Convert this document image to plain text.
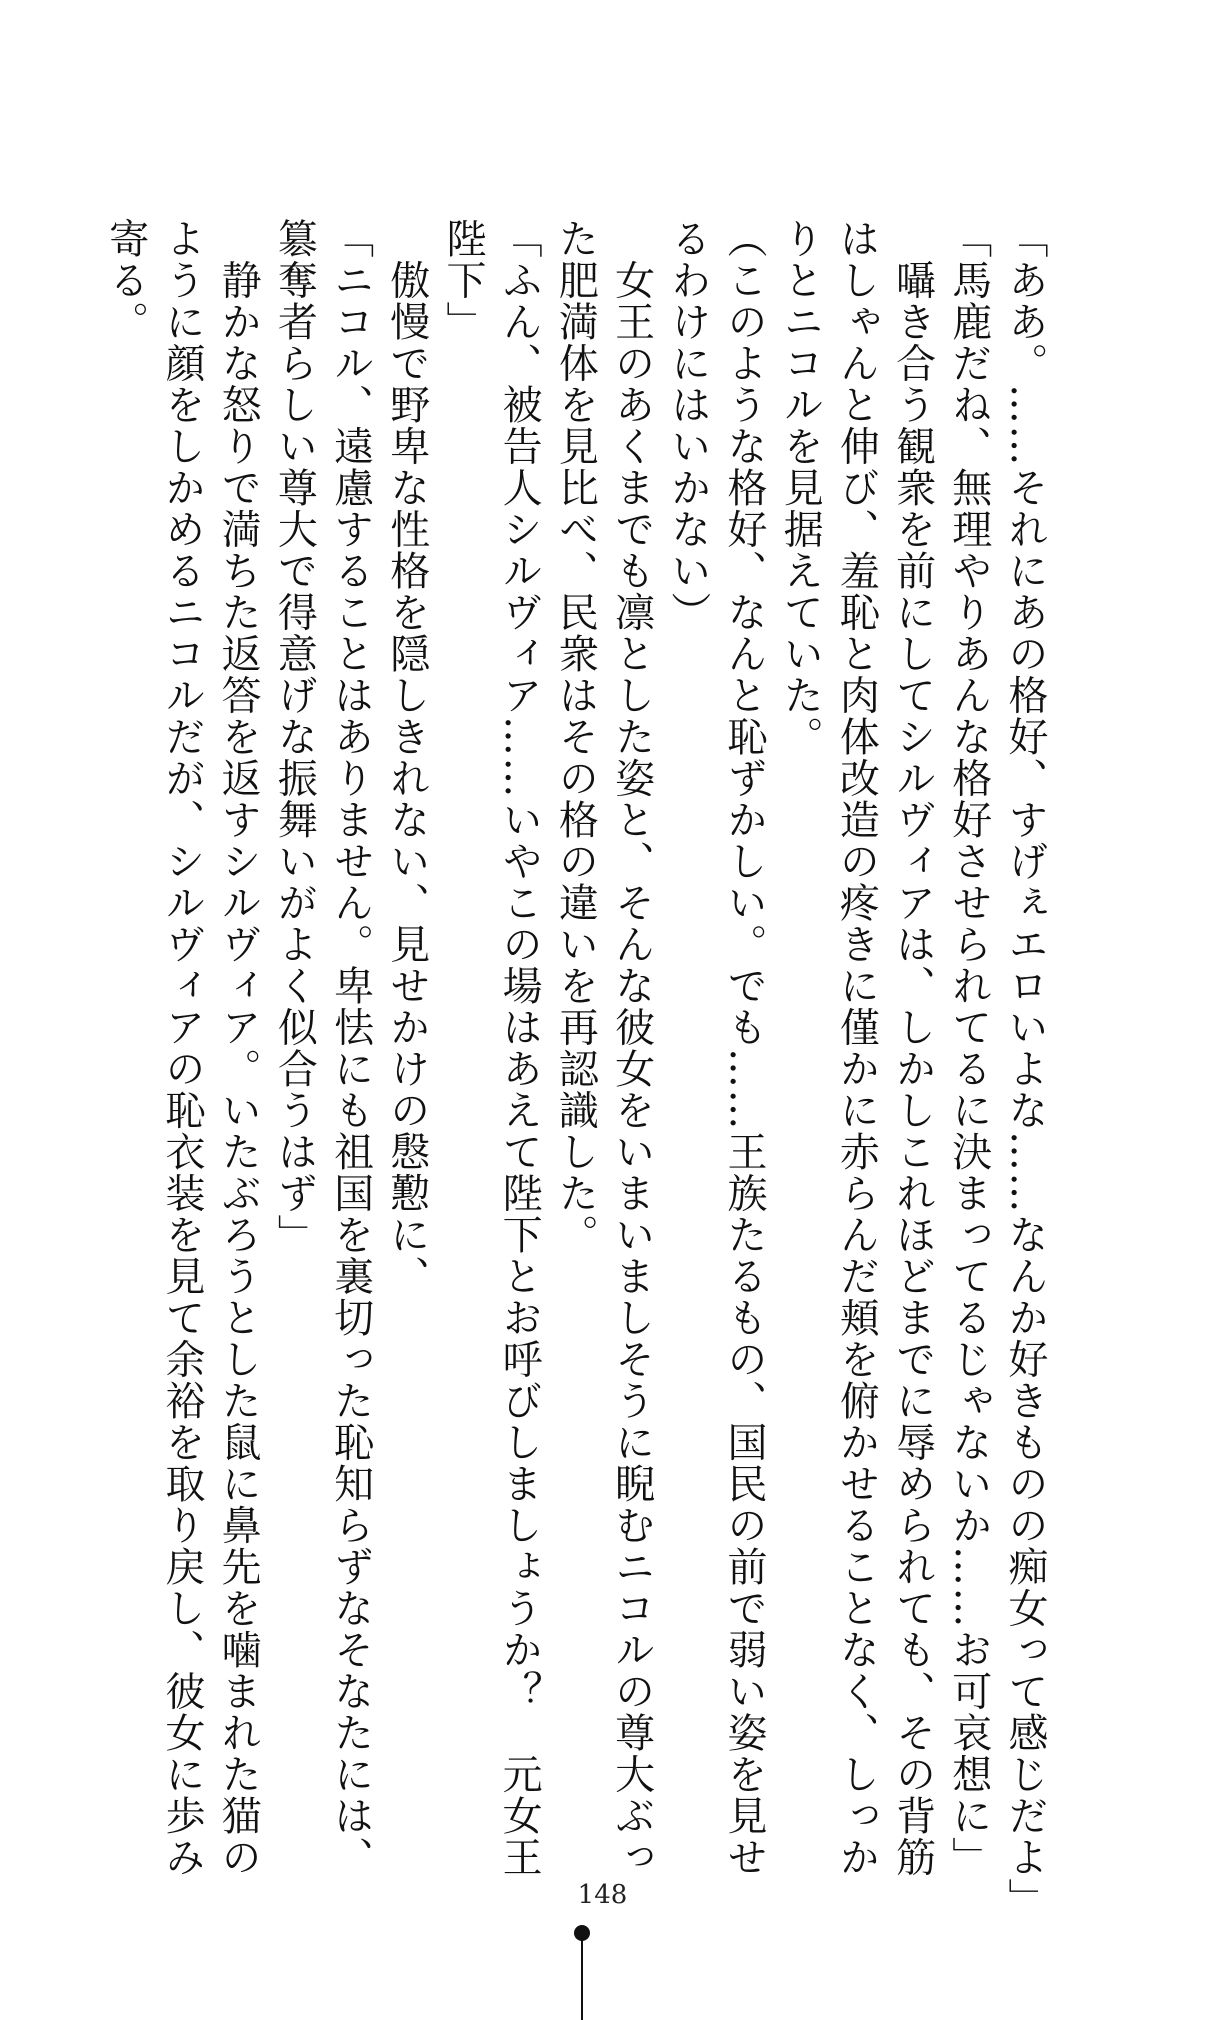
「ああ。……それにあの格好、すげぇエロいよな……なんか好きものの痴女って感じだよ」
「馬鹿だね、無理やりあんな格好させられてるに決まってるじゃないか……お可哀想に」
　囁き合う観衆を前にしてシルヴィアは、しかしこれほどまでに辱められても、その背筋
はしゃんと伸び、羞恥と肉体改造の疼きに僅かに赤らんだ頬を俯かせることなく、しっか
りとニコルを見据えていた。
（このような格好、なんと恥ずかしい。でも……王族たるもの、国民の前で弱い姿を見せ
るわけにはいかない）
　女王のあくまでも凛とした姿と、そんな彼女をいまいましそうに睨むニコルの尊大ぶっ
た肥満体を見比べ、民衆はその格の違いを再認識した。
「ふん、被告人シルヴィア……いやこの場はあえて陛下とお呼びしましょうか？　元女王
陛下」
　傲慢で野卑な性格を隠しきれない、見せかけの慇懃に、
「ニコル、遠慮することはありません。卑怯にも祖国を裏切った恥知らずなそなたには、
簒奪者らしい尊大で得意げな振舞いがよく似合うはず」
　静かな怒りで満ちた返答を返すシルヴィア。いたぶろうとした鼠に鼻先を噛まれた猫の
ように顔をしかめるニコルだが、シルヴィアの恥衣装を見て余裕を取り戻し、彼女に歩み
寄る。
148
